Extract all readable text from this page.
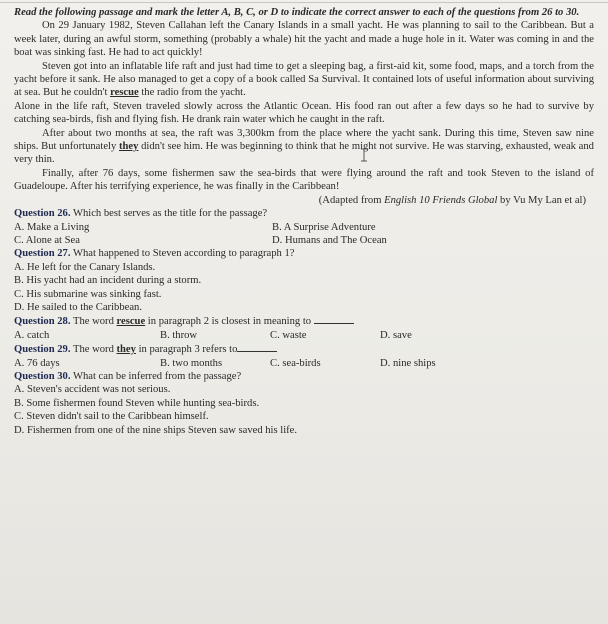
Read the following passage and mark the letter A, B, C, or D to indicate the correct answer to each of the questions from 26 to 30.

On 29 January 1982, Steven Callahan left the Canary Islands in a small yacht. He was planning to sail to the Caribbean. But a week later, during an awful storm, something (probably a whale) hit the yacht and made a huge hole in it. Water was coming in and the boat was sinking fast. He had to act quickly!

Steven got into an inflatable life raft and just had time to get a sleeping bag, a first-aid kit, some food, maps, and a torch from the yacht before it sank. He also managed to get a copy of a book called Sa Survival. It contained lots of useful information about surviving at sea. But he couldn't rescue the radio from the yacht.

Alone in the life raft, Steven traveled slowly across the Atlantic Ocean. His food ran out after a few days so he had to survive by catching sea-birds, fish and flying fish. He drank rain water which he caught in the raft.

After about two months at sea, the raft was 3,300km from the place where the yacht sank. During this time, Steven saw nine ships. But unfortunately they didn't see him. He was beginning to think that he might not survive. He was starving, exhausted, weak and very thin.

Finally, after 76 days, some fishermen saw the sea-birds that were flying around the raft and took Steven to the island of Guadeloupe. After his terrifying experience, he was finally in the Caribbean!

(Adapted from English 10 Friends Global by Vu My Lan et al)

Question 26. Which best serves as the title for the passage?

A. Make a Living	B. A Surprise Adventure
C. Alone at Sea	D. Humans and The Ocean

Question 27. What happened to Steven according to paragraph 1?

A. He left for the Canary Islands.

B. His yacht had an incident during a storm.

C. His submarine was sinking fast.

D. He sailed to the Caribbean.

Question 28. The word rescue in paragraph 2 is closest in meaning to

A. catch	B. throw	C. waste	D. save

Question 29. The word they in paragraph 3 refers to

A. 76 days	B. two months	C. sea-birds	D. nine ships

Question 30. What can be inferred from the passage?

A. Steven's accident was not serious.

B. Some fishermen found Steven while hunting sea-birds.

C. Steven didn't sail to the Caribbean himself.

D. Fishermen from one of the nine ships Steven saw saved his life.
